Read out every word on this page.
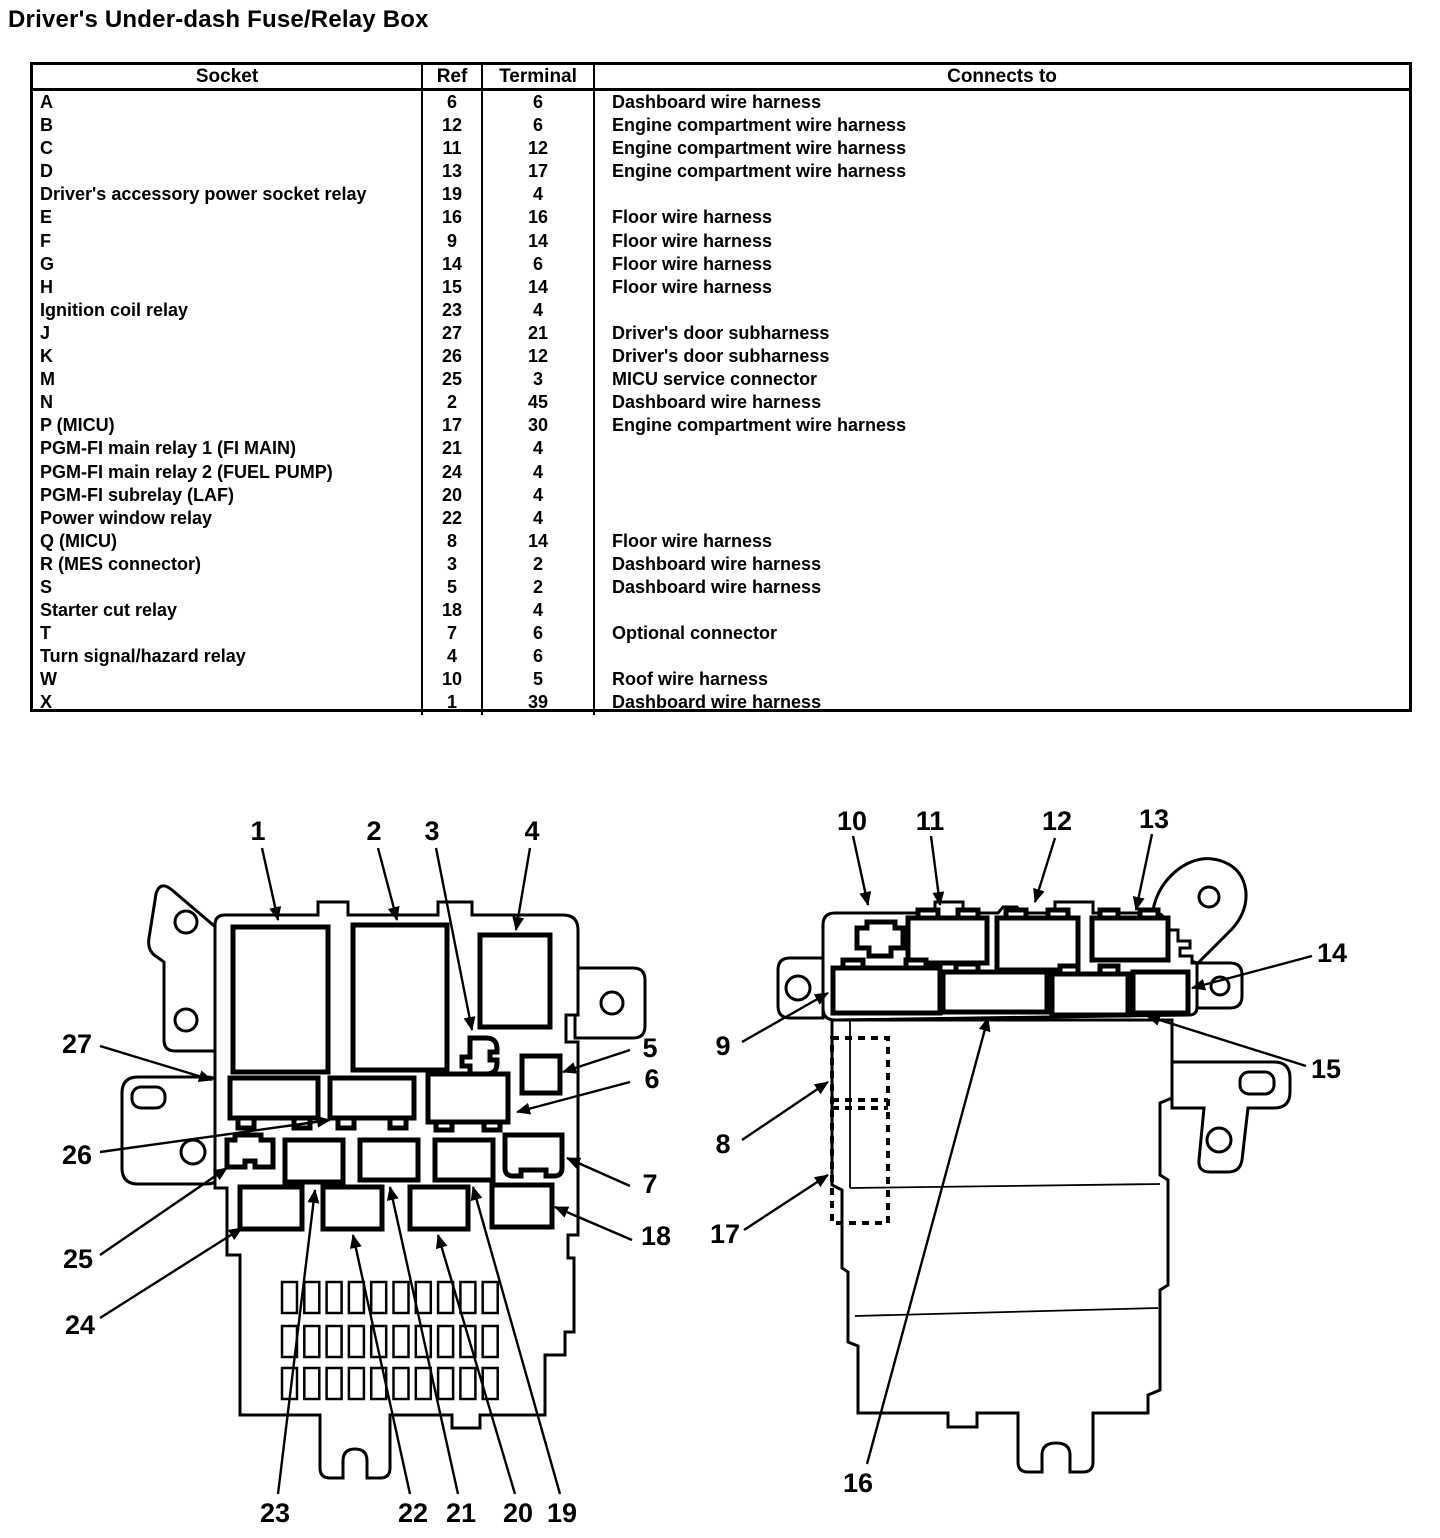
Driver's Under-dash Fuse/Relay Box
Socket	Ref	Terminal	Connects to
A	6	6	Dashboard wire harness
B	12	6	Engine compartment wire harness
C	11	12	Engine compartment wire harness
D	13	17	Engine compartment wire harness
Driver's accessory power socket relay	19	4
E	16	16	Floor wire harness
F	9	14	Floor wire harness
G	14	6	Floor wire harness
H	15	14	Floor wire harness
Ignition coil relay	23	4
J	27	21	Driver's door subharness
K	26	12	Driver's door subharness
M	25	3	MICU service connector
N	2	45	Dashboard wire harness
P (MICU)	17	30	Engine compartment wire harness
PGM-FI main relay 1 (FI MAIN)	21	4
PGM-FI main relay 2 (FUEL PUMP)	24	4
PGM-FI subrelay (LAF)	20	4
Power window relay	22	4
Q (MICU)	8	14	Floor wire harness
R (MES connector)	3	2	Dashboard wire harness
S	5	2	Dashboard wire harness
Starter cut relay	18	4
T	7	6	Optional connector
Turn signal/hazard relay	4	6
W	10	5	Roof wire harness
X	1	39	Dashboard wire harness
1	2 3	4
5
6
7
18
19
20
21
22
23
24
25
26
27
8
9
10 11	12 13
14
15
16
17
